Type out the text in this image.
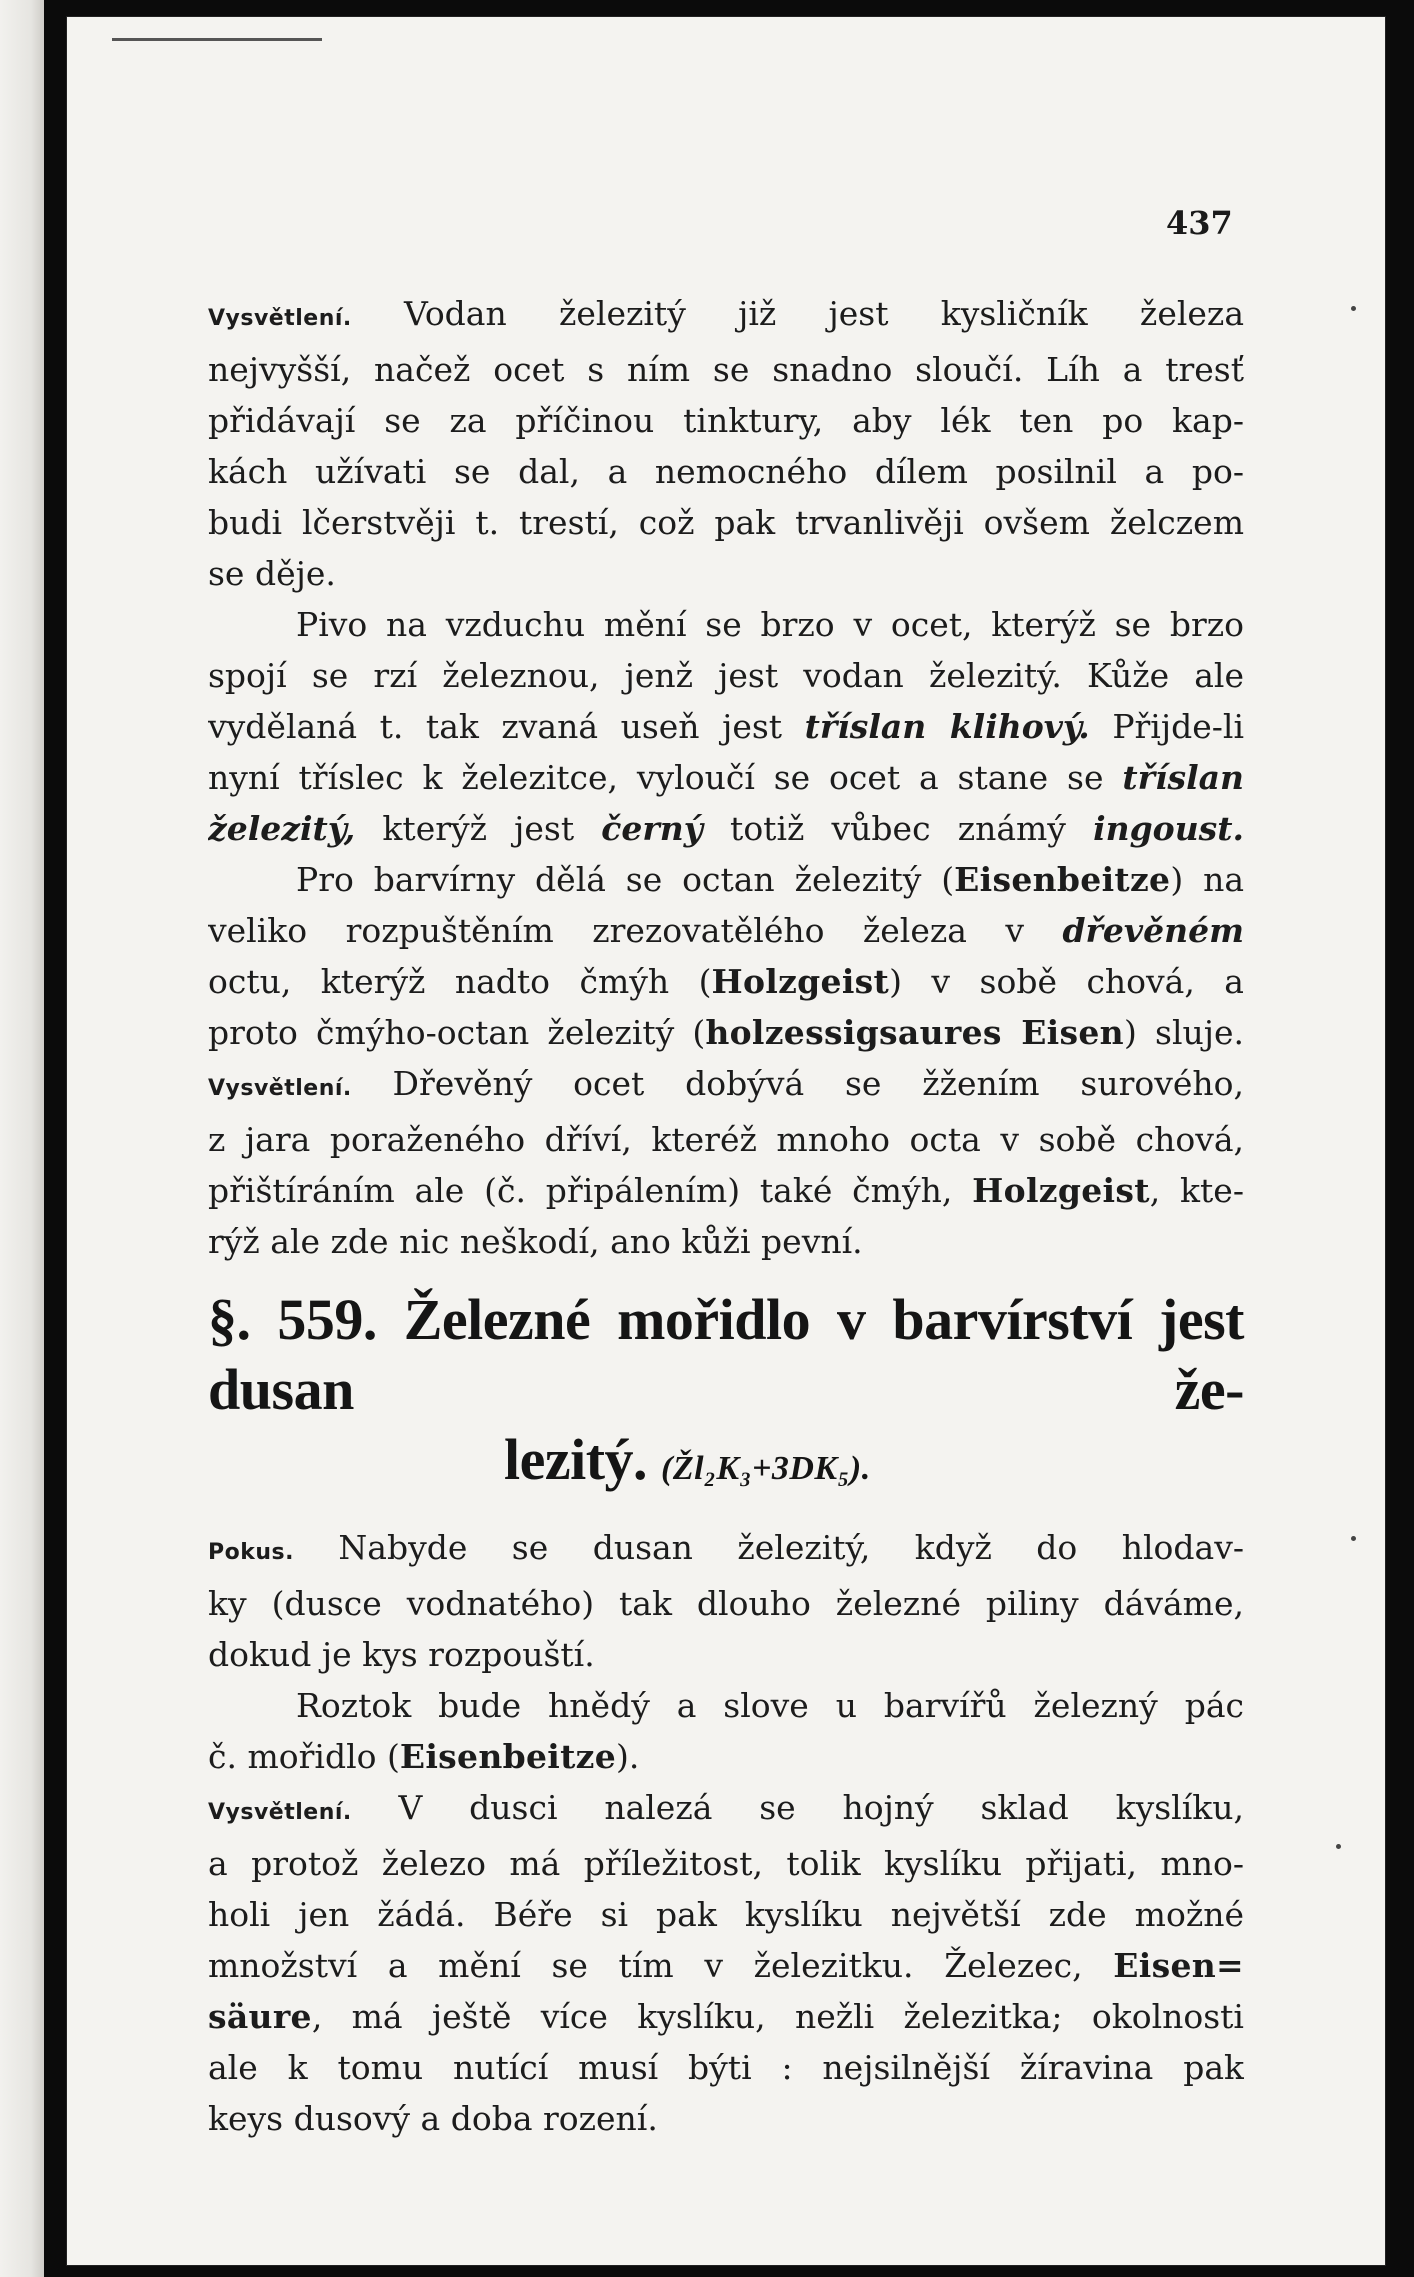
437
Vysvětlení. Vodan železitý již jest kysličník železa
nejvyšší, načež ocet s ním se snadno sloučí. Líh a tresť
přidávají se za příčinou tinktury, aby lék ten po kap-
kách užívati se dal, a nemocného dílem posilnil a po-
budi lčerstvěji t. trestí, což pak trvanlivěji ovšem želczem
se děje.
Pivo na vzduchu mění se brzo v ocet, kterýž se brzo
spojí se rzí železnou, jenž jest vodan železitý. Kůže ale
vydělaná t. tak zvaná useň jest tříslan klihový. Přijde-li
nyní tříslec k železitce, vyloučí se ocet a stane se tříslan
železitý, kterýž jest černý totiž vůbec známý ingoust.
Pro barvírny dělá se octan železitý (Eisenbeitze) na
veliko rozpuštěním zrezovatělého železa v dřevěném
octu, kterýž nadto čmýh (Holzgeist) v sobě chová, a
proto čmýho-octan železitý (holzessigsaures Eisen) sluje.
Vysvětlení. Dřevěný ocet dobývá se žžením surového,
z jara poraženého dříví, kteréž mnoho octa v sobě chová,
přištíráním ale (č. připálením) také čmýh, Holzgeist, kte-
rýž ale zde nic neškodí, ano kůži pevní.
§. 559. Železné mořidlo v barvírství jest dusan že-
lezitý. (Žl₂K₃+3DK₅).
Pokus. Nabyde se dusan železitý, když do hlodav-
ky (dusce vodnatého) tak dlouho železné piliny dáváme,
dokud je kys rozpouští.
Roztok bude hnědý a slove u barvířů železný pác
č. mořidlo (Eisenbeitze).
Vysvětlení. V dusci nalezá se hojný sklad kyslíku,
a protož železo má příležitost, tolik kyslíku přijati, mno-
holi jen žádá. Béře si pak kyslíku největší zde možné
množství a mění se tím v železitku. Železec, Eisen=
säure, má ještě více kyslíku, nežli železitka; okolnosti
ale k tomu nutící musí býti : nejsilnější žíravina pak
keys dusový a doba rození.
